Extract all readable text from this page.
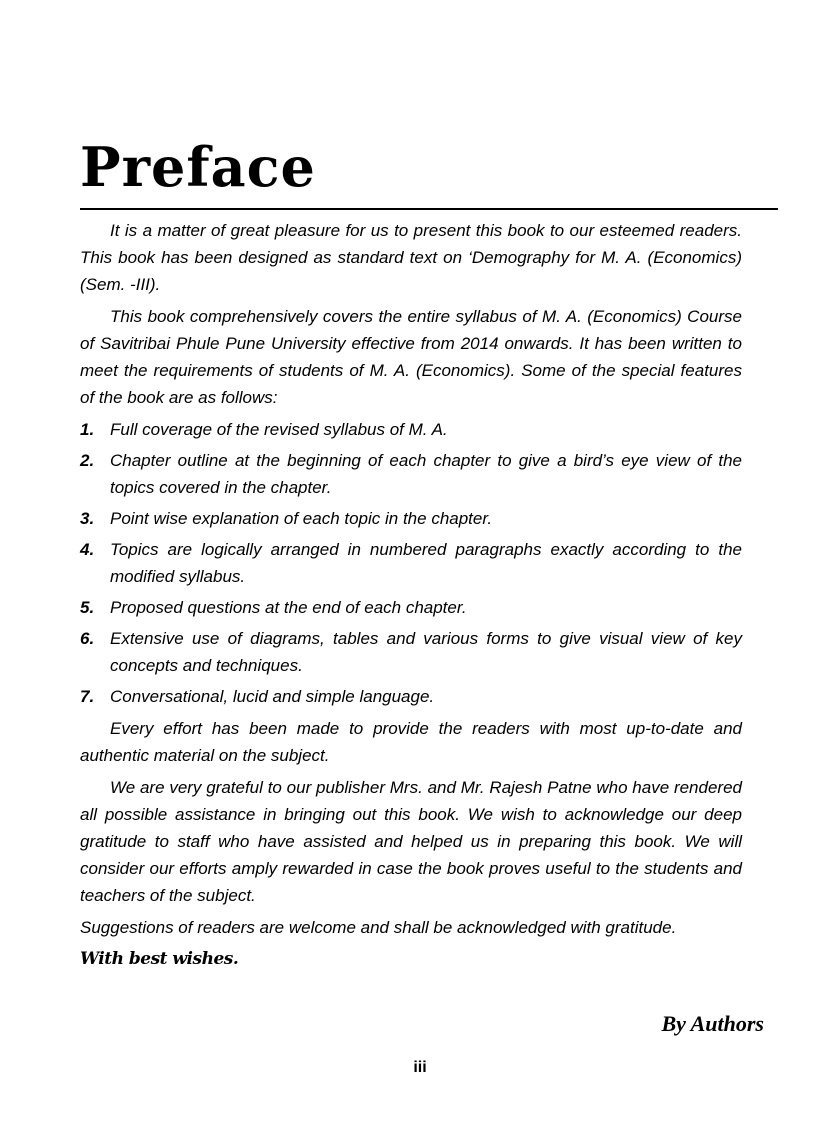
Preface

It is a matter of great pleasure for us to present this book to our esteemed readers. This book has been designed as standard text on ‘Demography for M. A. (Economics) (Sem. -III).

This book comprehensively covers the entire syllabus of M. A. (Economics) Course of Savitribai Phule Pune University effective from 2014 onwards. It has been written to meet the requirements of students of M. A. (Economics). Some of the special features of the book are as follows:

1. Full coverage of the revised syllabus of M. A.
2. Chapter outline at the beginning of each chapter to give a bird’s eye view of the topics covered in the chapter.
3. Point wise explanation of each topic in the chapter.
4. Topics are logically arranged in numbered paragraphs exactly according to the modified syllabus.
5. Proposed questions at the end of each chapter.
6. Extensive use of diagrams, tables and various forms to give visual view of key concepts and techniques.
7. Conversational, lucid and simple language.

Every effort has been made to provide the readers with most up-to-date and authentic material on the subject.

We are very grateful to our publisher Mrs. and Mr. Rajesh Patne who have rendered all possible assistance in bringing out this book. We wish to acknowledge our deep gratitude to staff who have assisted and helped us in preparing this book. We will consider our efforts amply rewarded in case the book proves useful to the students and teachers of the subject.

Suggestions of readers are welcome and shall be acknowledged with gratitude.

With best wishes.

By Authors
iii
